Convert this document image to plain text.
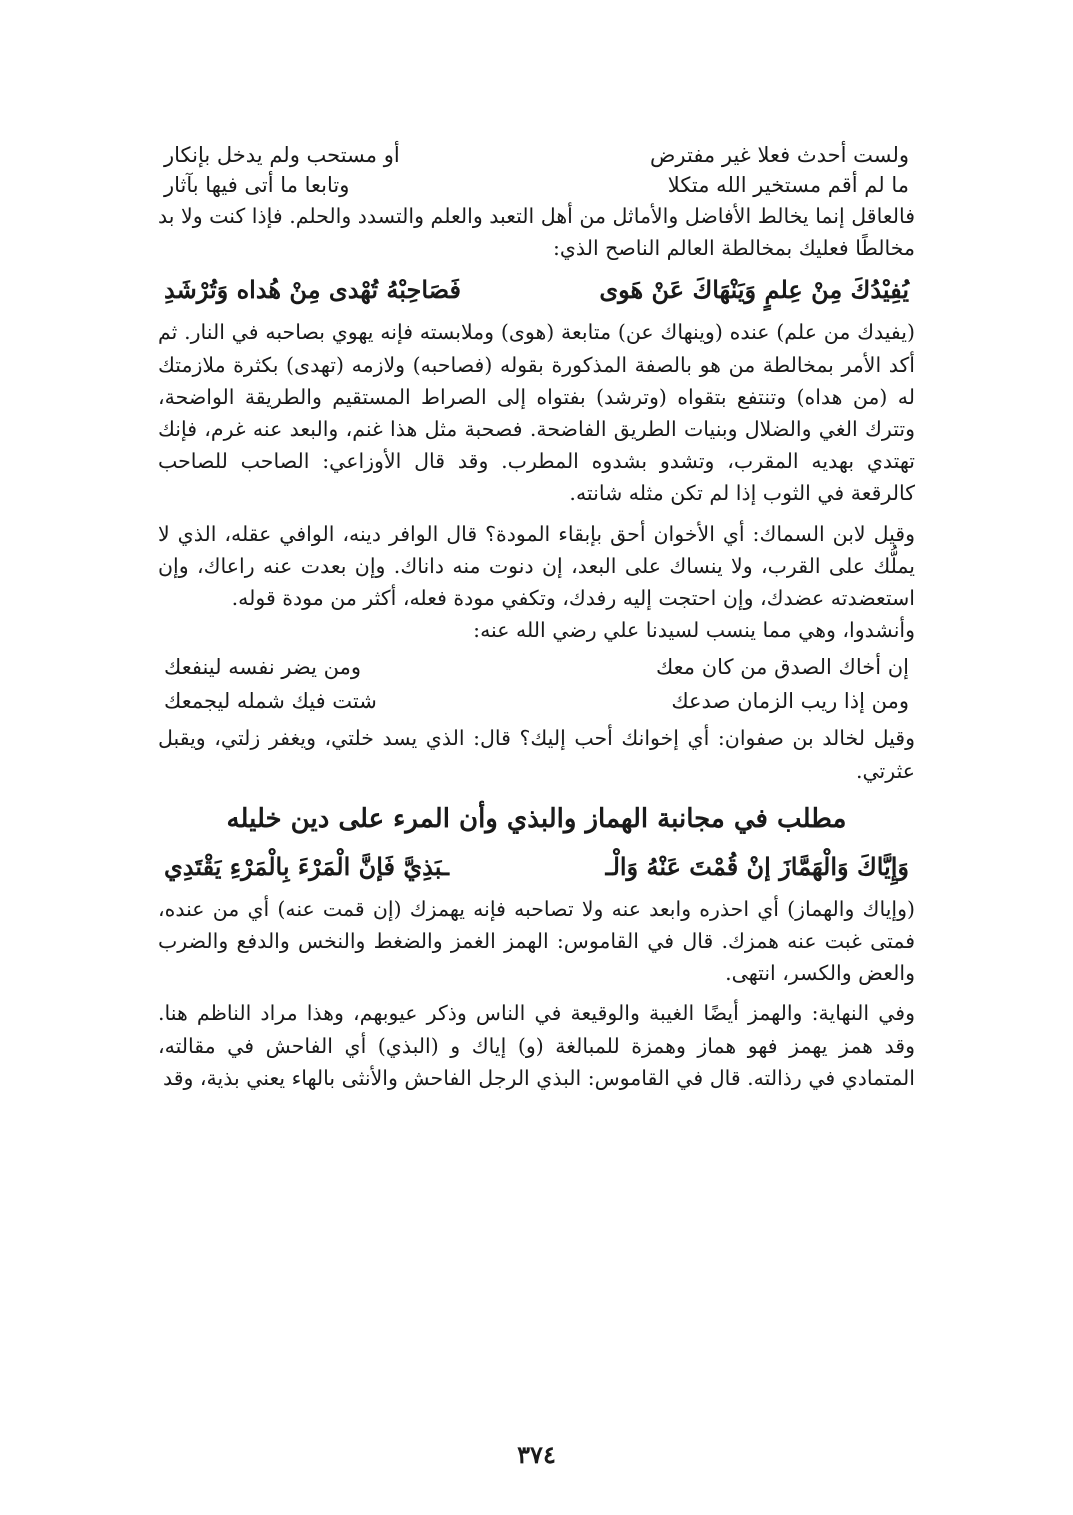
ولست أحدث فعلا غير مفترض
أو مستحب ولم يدخل بإنكار
ما لم أقم مستخير الله متكلا
وتابعا ما أتى فيها بآثار

فالعاقل إنما يخالط الأفاضل والأماثل من أهل التعبد والعلم والتسدد والحلم. فإذا كنت ولا بد مخالطًا فعليك بمخالطة العالم الناصح الذي:

يُفِيْدُكَ مِنْ عِلمٍ وَيَنْهَاكَ عَنْ هَوى
فَصَاحِبْهُ تُهْدى مِنْ هُداه وَتُرْشَدِ

(يفيدك من علم) عنده (وينهاك عن) متابعة (هوى) وملابسته فإنه يهوي بصاحبه في النار. ثم أكد الأمر بمخالطة من هو بالصفة المذكورة بقوله (فصاحبه) ولازمه (تهدى) بكثرة ملازمتك له (من هداه) وتنتفع بتقواه (وترشد) بفتواه إلى الصراط المستقيم والطريقة الواضحة، وتترك الغي والضلال وبنيات الطريق الفاضحة. فصحبة مثل هذا غنم، والبعد عنه غرم، فإنك تهتدي بهديه المقرب، وتشدو بشدوه المطرب. وقد قال الأوزاعي: الصاحب للصاحب كالرقعة في الثوب إذا لم تكن مثله شانته.

وقيل لابن السماك: أي الأخوان أحق بإبقاء المودة؟ قال الوافر دينه، الوافي عقله، الذي لا يملُّك على القرب، ولا ينساك على البعد، إن دنوت منه داناك. وإن بعدت عنه راعاك، وإن استعضدته عضدك، وإن احتجت إليه رفدك، وتكفي مودة فعله، أكثر من مودة قوله.

وأنشدوا، وهي مما ينسب لسيدنا علي رضي الله عنه:

إن أخاك الصدق من كان معك
ومن يضر نفسه لينفعك
ومن إذا ريب الزمان صدعك
شتت فيك شمله ليجمعك

وقيل لخالد بن صفوان: أي إخوانك أحب إليك؟ قال: الذي يسد خلتي، ويغفر زلتي، ويقبل عثرتي.

مطلب في مجانبة الهماز والبذي وأن المرء على دين خليله
وَإِيَّاكَ وَالْهَمَّازَ إنْ قُمْتَ عَنْهُ وَالْـ
ـبَذِيَّ فَإنَّ الْمَرْءَ بِالْمَرْءِ يَقْتَدِي

(وإياك والهماز) أي احذره وابعد عنه ولا تصاحبه فإنه يهمزك (إن قمت عنه) أي من عنده، فمتى غبت عنه همزك. قال في القاموس: الهمز الغمز والضغط والنخس والدفع والضرب والعض والكسر، انتهى.

وفي النهاية: والهمز أيضًا الغيبة والوقيعة في الناس وذكر عيوبهم، وهذا مراد الناظم هنا. وقد همز يهمز فهو هماز وهمزة للمبالغة (و) إياك و (البذي) أي الفاحش في مقالته، المتمادي في رذالته. قال في القاموس: البذي الرجل الفاحش والأنثى بالهاء يعني بذية، وقد

٣٧٤
